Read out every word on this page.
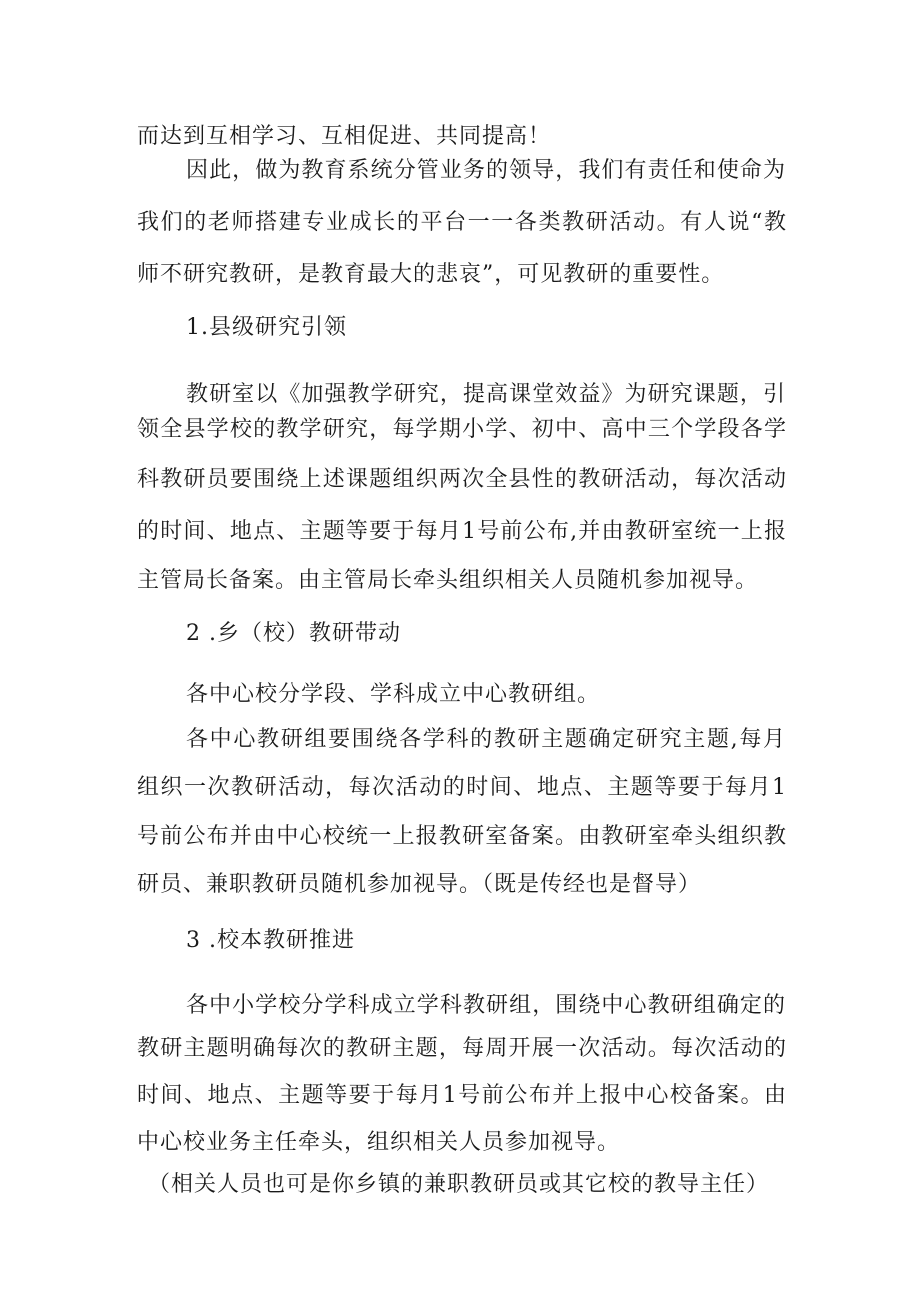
而达到互相学习、互相促进、共同提高！

因此，做为教育系统分管业务的领导，我们有责任和使命为

我们的老师搭建专业成长的平台一一各类教研活动。有人说“教

师不研究教研，是教育最大的悲哀”，可见教研的重要性。

1.县级研究引领

教研室以《加强教学研究，提高课堂效益》为研究课题，引

领全县学校的教学研究，每学期小学、初中、高中三个学段各学

科教研员要围绕上述课题组织两次全县性的教研活动，每次活动

的时间、地点、主题等要于每月1号前公布,并由教研室统一上报

主管局长备案。由主管局长牵头组织相关人员随机参加视导。

2 .乡（校）教研带动

各中心校分学段、学科成立中心教研组。

各中心教研组要围绕各学科的教研主题确定研究主题,每月

组织一次教研活动，每次活动的时间、地点、主题等要于每月1

号前公布并由中心校统一上报教研室备案。由教研室牵头组织教

研员、兼职教研员随机参加视导。（既是传经也是督导）

3 .校本教研推进

各中小学校分学科成立学科教研组，围绕中心教研组确定的

教研主题明确每次的教研主题，每周开展一次活动。每次活动的

时间、地点、主题等要于每月1号前公布并上报中心校备案。由

中心校业务主任牵头，组织相关人员参加视导。

（相关人员也可是你乡镇的兼职教研员或其它校的教导主任）
